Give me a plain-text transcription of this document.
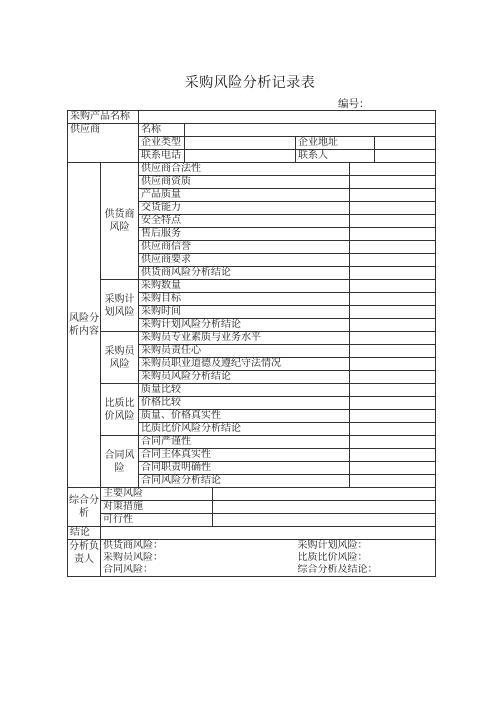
采购风险分析记录表
编号：
采购产品名称							
供应商		名称					
		企业类型			企业地址		
		联系电话			联系人		
风险分析内容	供货商风险	供应商合法性					
		供应商资质					
		产品质量					
		交货能力					
		安全特点					
		售后服务					
		供应商信誉					
		供应商要求					
		供货商风险分析结论					
	采购计划风险	采购数量					
		采购目标					
		采购时间					
		采购计划风险分析结论					
	采购员风险	采购员专业素质与业务水平					
		采购员责任心					
		采购员职业道德及遵纪守法情况					
		采购员风险分析结论					
	比质比价风险	质量比较					
		价格比较					
		质量、价格真实性					
		比质比价风险分析结论					
	合同风险	合同严谨性					
		合同主体真实性					
		合同职责明确性					
		合同风险分析结论					
综合分析	主要风险						
	对策措施						
	可行性						
结论							
分析负责人	供货商风险：				采购计划风险：		
	采购员风险：				比质比价风险：		
	合同风险：				综合分析及结论：		
